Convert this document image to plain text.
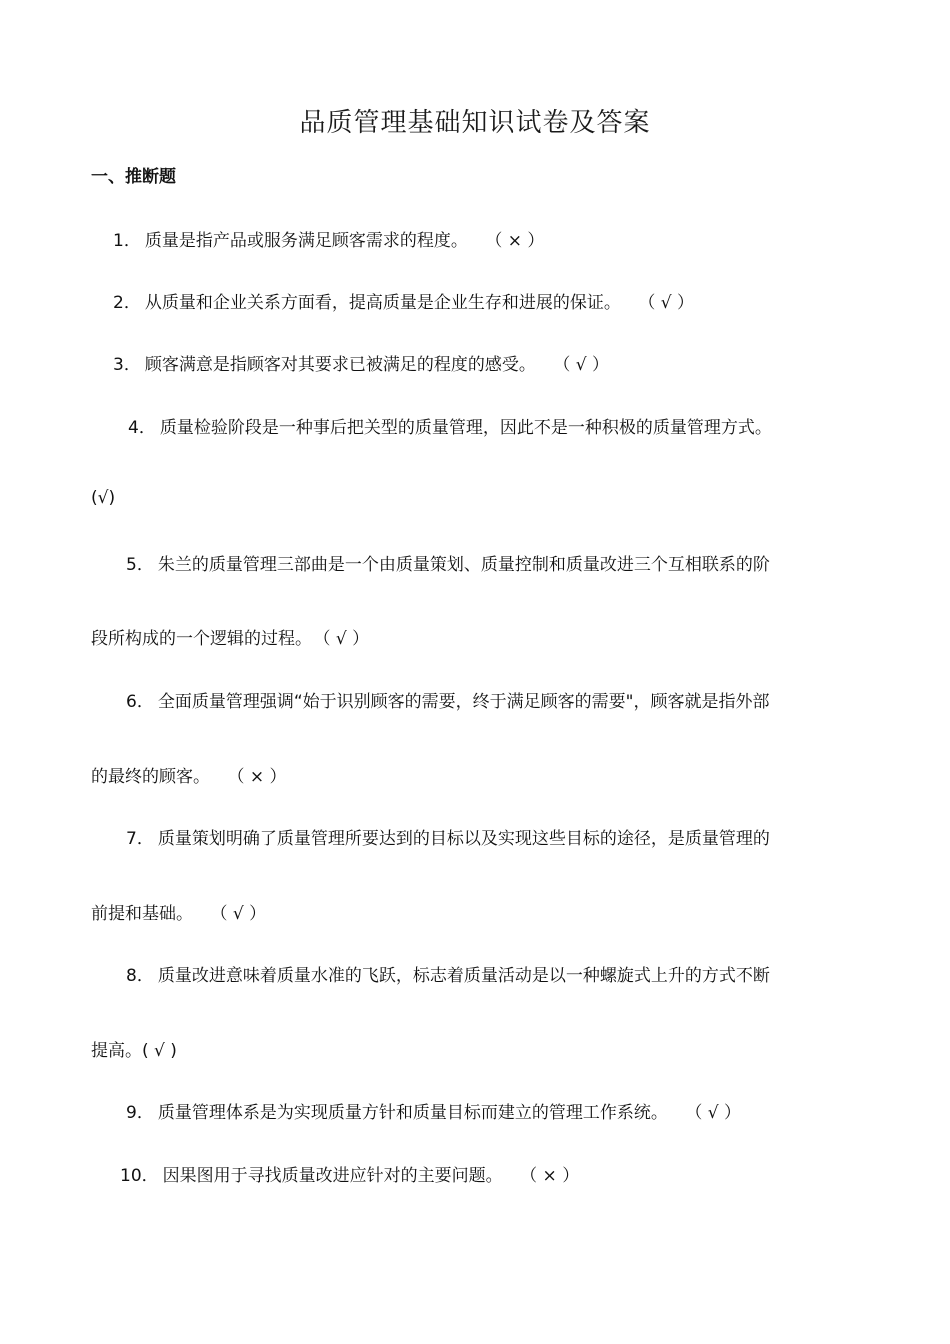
品质管理基础知识试卷及答案
一、推断题
1． 质量是指产品或服务满足顾客需求的程度。 （ × ）
2． 从质量和企业关系方面看，提高质量是企业生存和进展的保证。 （ √ ）
3． 顾客满意是指顾客对其要求已被满足的程度的感受。 （ √ ）
4． 质量检验阶段是一种事后把关型的质量管理，因此不是一种积极的质量管理方式。
(√)
5． 朱兰的质量管理三部曲是一个由质量策划、质量控制和质量改进三个互相联系的阶
段所构成的一个逻辑的过程。 （ √ ）
6． 全面质量管理强调“始于识别顾客的需要，终于满足顾客的需要"，顾客就是指外部
的最终的顾客。 （ × ）
7． 质量策划明确了质量管理所要达到的目标以及实现这些目标的途径，是质量管理的
前提和基础。 （ √ ）
8． 质量改进意味着质量水准的飞跃，标志着质量活动是以一种螺旋式上升的方式不断
提高。( √ )
9． 质量管理体系是为实现质量方针和质量目标而建立的管理工作系统。 （ √ ）
10． 因果图用于寻找质量改进应针对的主要问题。 （ × ）
